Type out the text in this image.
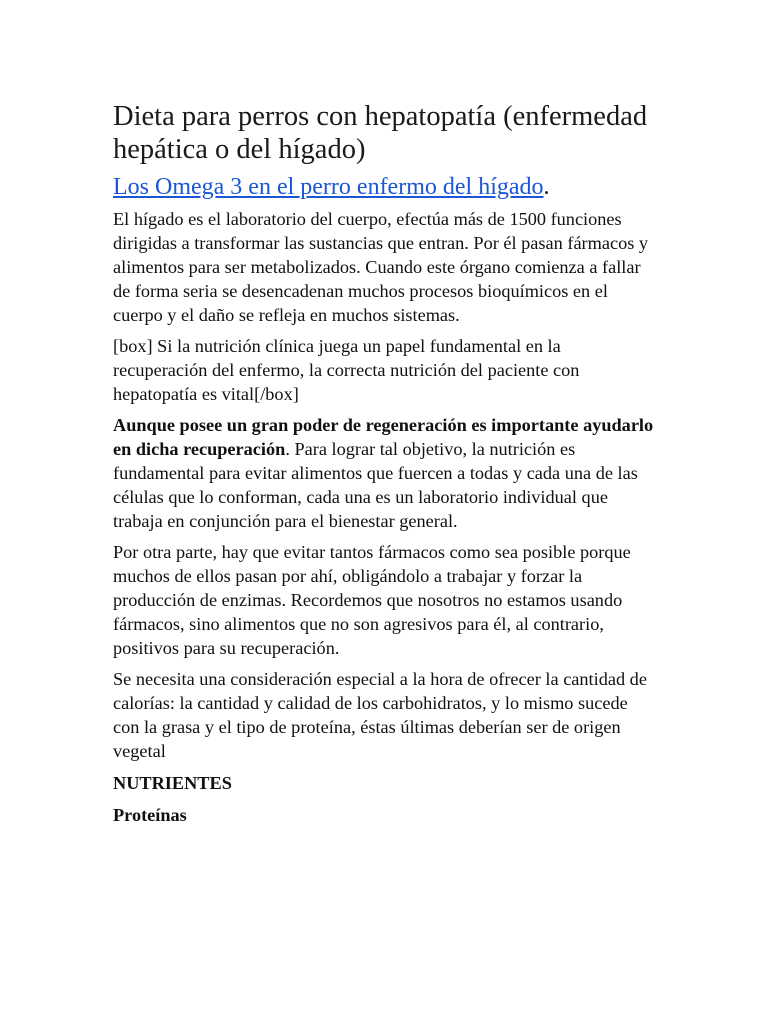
Dieta para perros con hepatopatía (enfermedad hepática o del hígado)
Los Omega 3 en el perro enfermo del hígado.

El hígado es el laboratorio del cuerpo, efectúa más de 1500 funciones dirigidas a transformar las sustancias que entran. Por él pasan fármacos y alimentos para ser metabolizados. Cuando este órgano comienza a fallar de forma seria se desencadenan muchos procesos bioquímicos en el cuerpo y el daño se refleja en muchos sistemas.

[box] Si la nutrición clínica juega un papel fundamental en la recuperación del enfermo, la correcta nutrición del paciente con hepatopatía es vital[/box]

Aunque posee un gran poder de regeneración es importante ayudarlo en dicha recuperación. Para lograr tal objetivo, la nutrición es fundamental para evitar alimentos que fuercen a todas y cada una de las células que lo conforman, cada una es un laboratorio individual que trabaja en conjunción para el bienestar general.

Por otra parte, hay que evitar tantos fármacos como sea posible porque muchos de ellos pasan por ahí, obligándolo a trabajar y forzar la producción de enzimas. Recordemos que nosotros no estamos usando fármacos, sino alimentos que no son agresivos para él, al contrario, positivos para su recuperación.

Se necesita una consideración especial a la hora de ofrecer la cantidad de calorías: la cantidad y calidad de los carbohidratos, y lo mismo sucede con la grasa y el tipo de proteína, éstas últimas deberían ser de origen vegetal

NUTRIENTES
Proteínas
